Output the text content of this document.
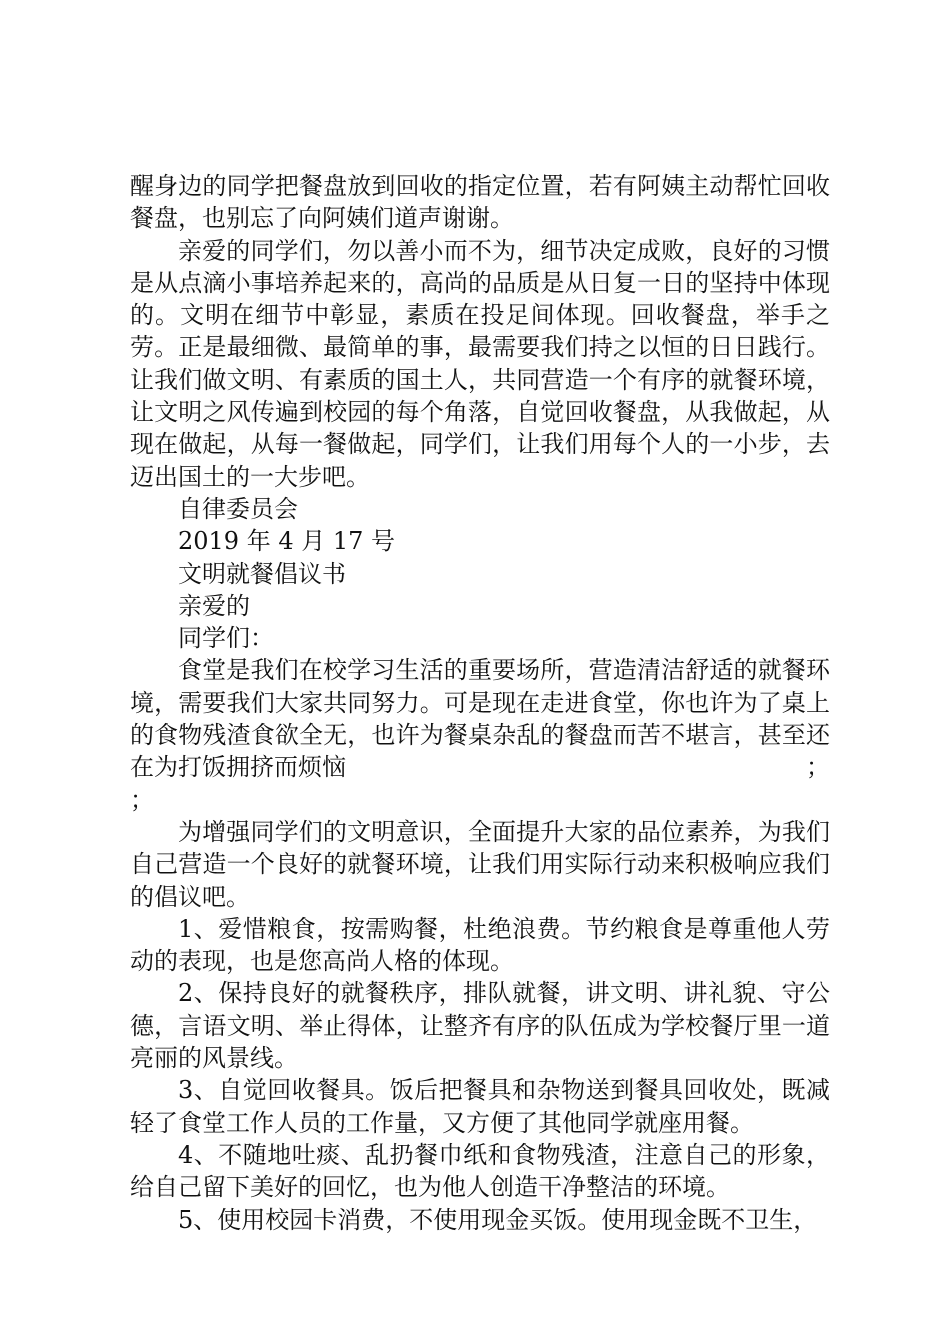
醒身边的同学把餐盘放到回收的指定位置，若有阿姨主动帮忙回收餐盘，也别忘了向阿姨们道声谢谢。

亲爱的同学们，勿以善小而不为，细节决定成败，良好的习惯是从点滴小事培养起来的，高尚的品质是从日复一日的坚持中体现的。文明在细节中彰显，素质在投足间体现。回收餐盘，举手之劳。正是最细微、最简单的事，最需要我们持之以恒的日日践行。让我们做文明、有素质的国土人，共同营造一个有序的就餐环境，让文明之风传遍到校园的每个角落，自觉回收餐盘，从我做起，从现在做起，从每一餐做起，同学们，让我们用每个人的一小步，去迈出国土的一大步吧。

自律委员会

2019 年 4 月 17 号

文明就餐倡议书

亲爱的

同学们：

食堂是我们在校学习生活的重要场所，营造清洁舒适的就餐环境，需要我们大家共同努力。可是现在走进食堂，你也许为了桌上的食物残渣食欲全无，也许为餐桌杂乱的餐盘而苦不堪言，甚至还在为打饭拥挤而烦恼	；

；

为增强同学们的文明意识，全面提升大家的品位素养，为我们自己营造一个良好的就餐环境，让我们用实际行动来积极响应我们的倡议吧。

1、爱惜粮食，按需购餐，杜绝浪费。节约粮食是尊重他人劳动的表现，也是您高尚人格的体现。

2、保持良好的就餐秩序，排队就餐，讲文明、讲礼貌、守公德，言语文明、举止得体，让整齐有序的队伍成为学校餐厅里一道亮丽的风景线。

3、自觉回收餐具。饭后把餐具和杂物送到餐具回收处，既减轻了食堂工作人员的工作量，又方便了其他同学就座用餐。

4、不随地吐痰、乱扔餐巾纸和食物残渣，注意自己的形象，给自己留下美好的回忆，也为他人创造干净整洁的环境。

5、使用校园卡消费，不使用现金买饭。使用现金既不卫生，
